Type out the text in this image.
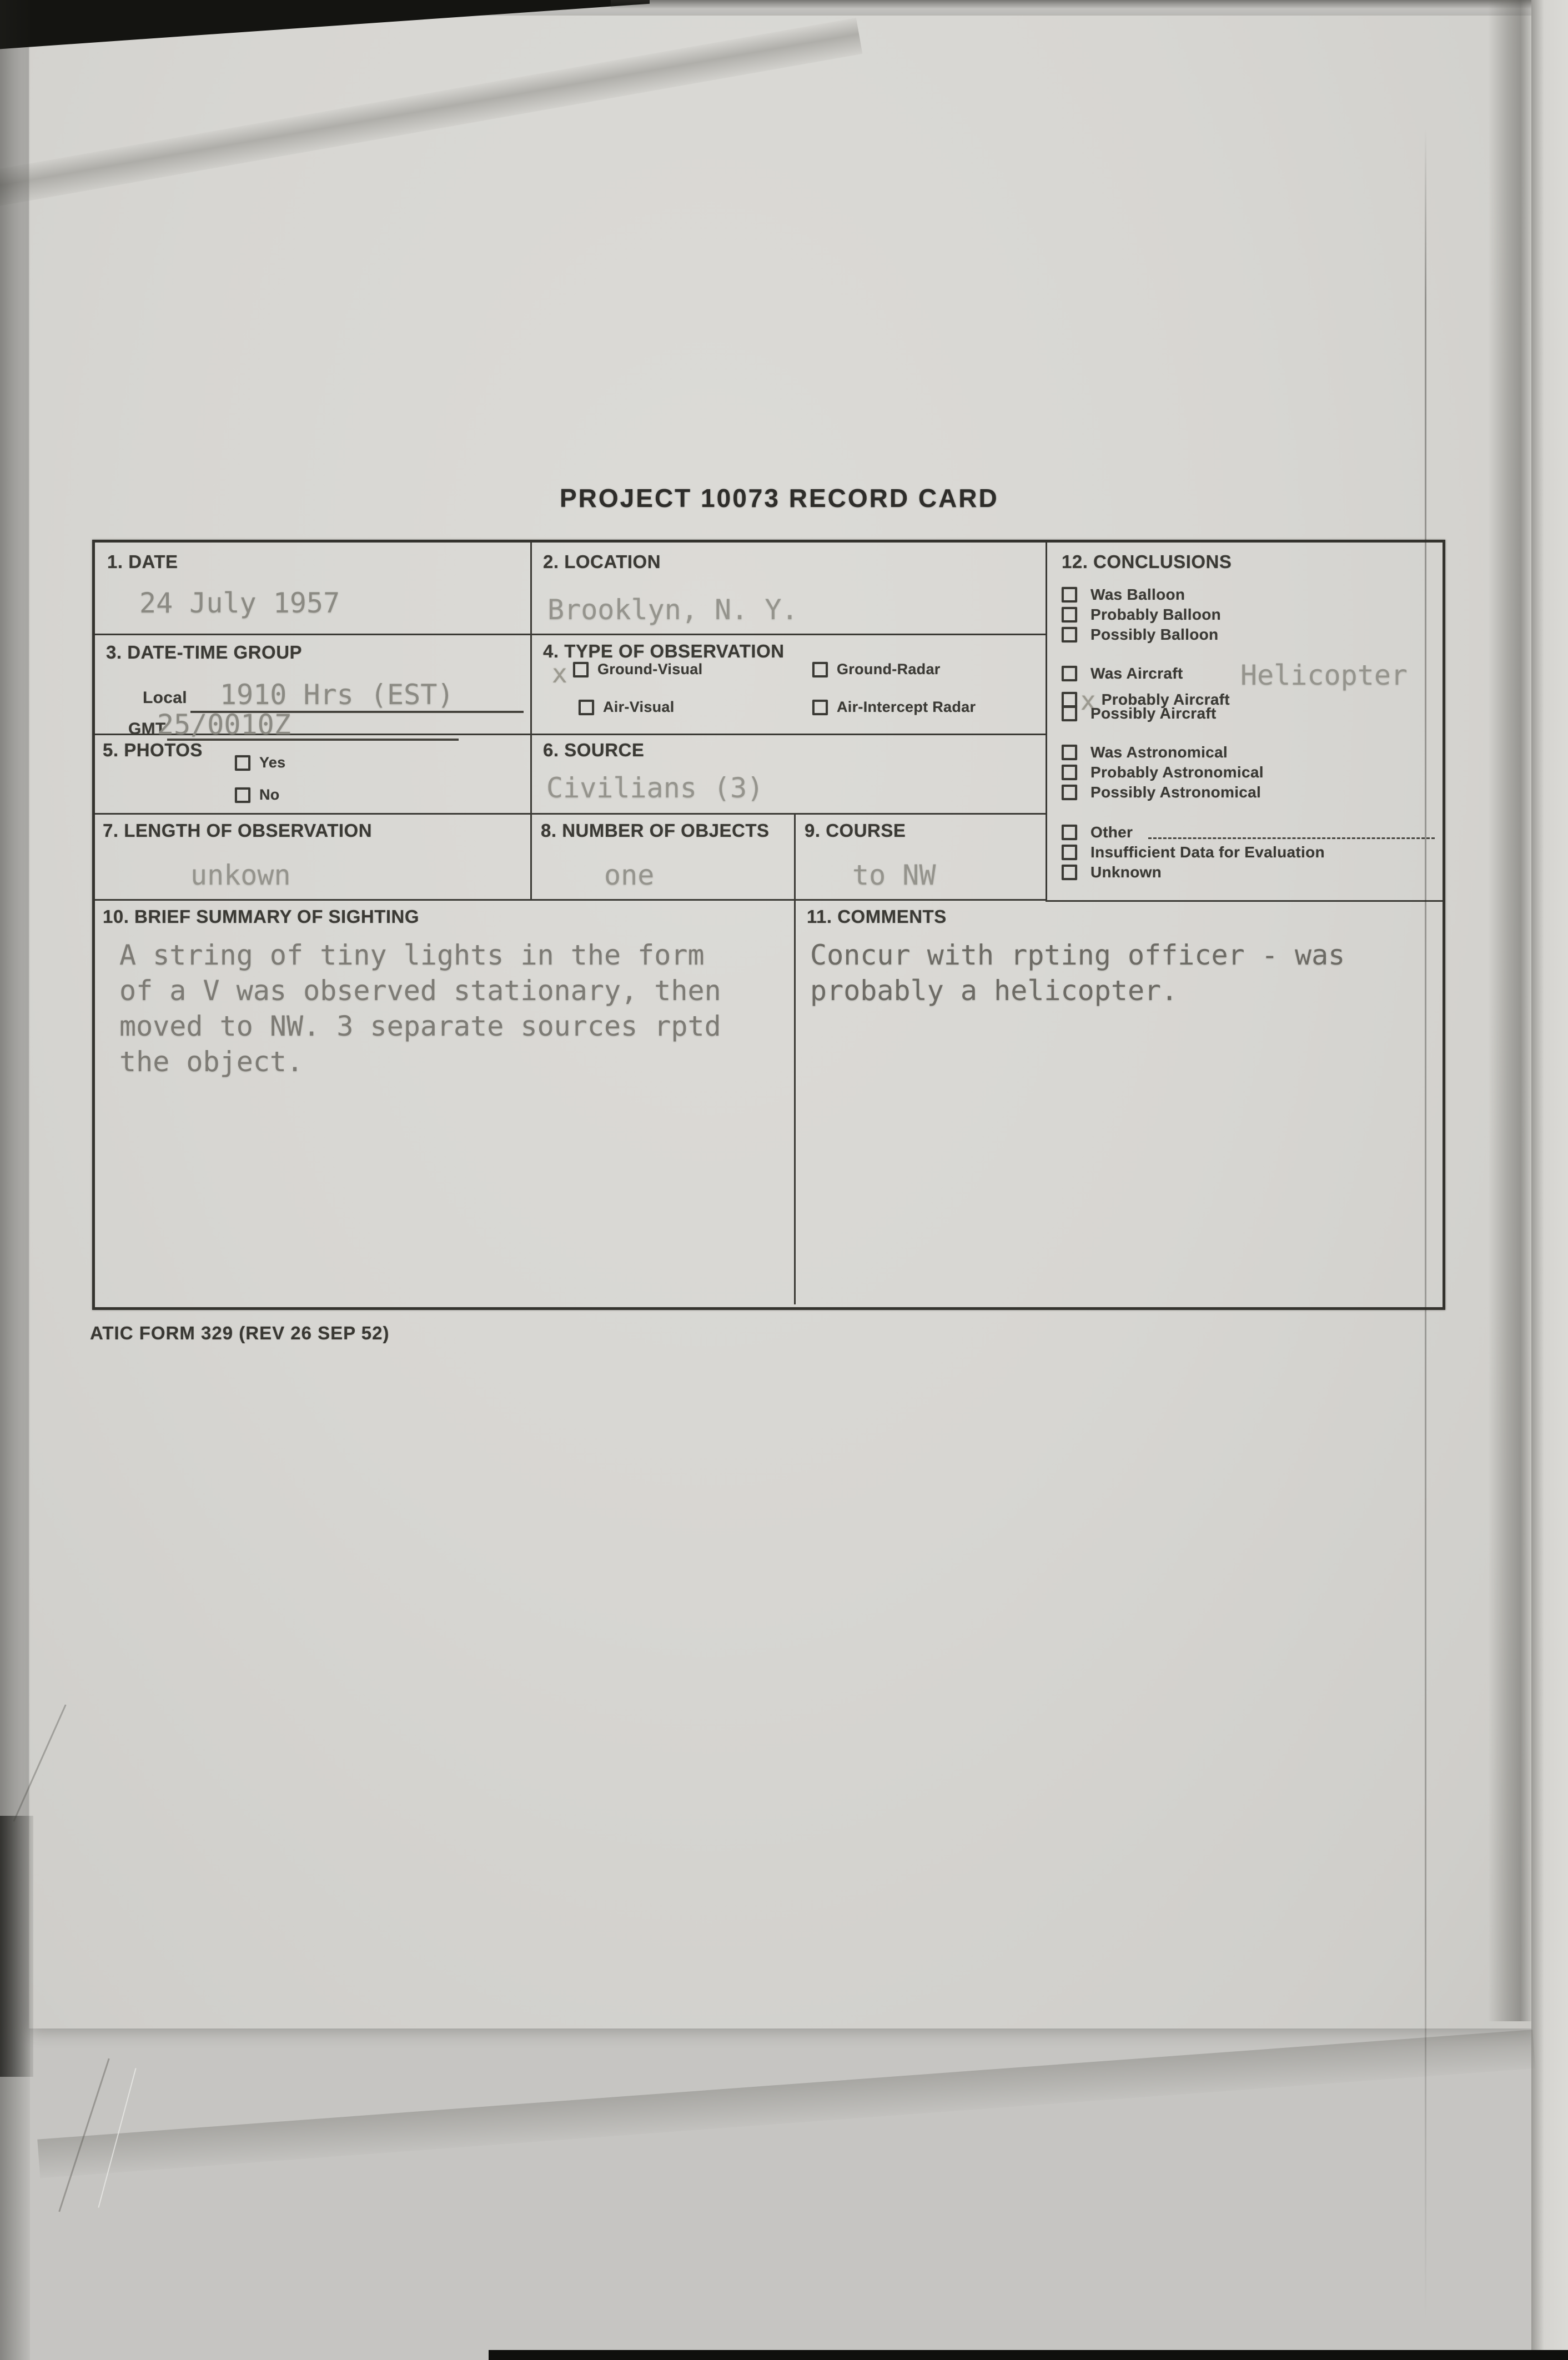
PROJECT 10073 RECORD CARD
1. DATE
24 July 1957
2. LOCATION
Brooklyn, N. Y.
12. CONCLUSIONS
Was Balloon
Probably Balloon
Possibly Balloon
Was Aircraft Helicopter
x Probably Aircraft
Possibly Aircraft
Was Astronomical
Probably Astronomical
Possibly Astronomical
Other
Insufficient Data for Evaluation
Unknown
3. DATE-TIME GROUP
Local 1910 Hrs (EST)
GMT
25/0010Z
4. TYPE OF OBSERVATION
x Ground-Visual	Ground-Radar
Air-Visual	Air-Intercept Radar
5. PHOTOS
Yes
No
6. SOURCE
Civilians (3)
7. LENGTH OF OBSERVATION
unkown
8. NUMBER OF OBJECTS
one
9. COURSE
to NW
10. BRIEF SUMMARY OF SIGHTING
A string of tiny lights in the form
of a V was observed stationary, then
moved to NW. 3 separate sources rptd
the object.
11. COMMENTS
Concur with rpting officer - was
probably a helicopter.
ATIC FORM 329 (REV 26 SEP 52)
